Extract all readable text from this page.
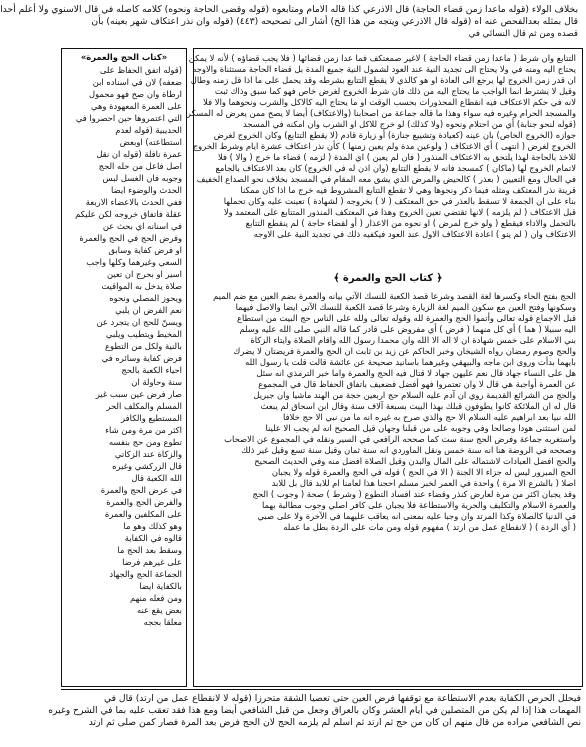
بخلاف الولاء (قوله ماعدا زمن قضاء الحاجة) قال الاذرعي كذا قاله الامام ومتابعوه (قوله وقضى الحاجة ونحوه) كلامه كاصله في قال الاسنوي ولا أعلم أحدا
قال بمثله بعدالفحص عنه اه (قوله قال الاذرعي ويتجه من هذا الخ) أشار الى تصحيحه (٤٤٣) (قوله وان نذر اعتكاف شهر بعينه) بأن
قصده ومن ثم قال النسائي في
التتابع وان شرط ( ماعدا زمن قضاء الحاجة ) لاغير صمعتكف فما عدا زمن قضائها ( فلا يجب قضاؤه ) لأنه لا يمكن
يحتاج اليه ومنه في ولا يحتاج الى تجديد النية عند العود لشمول النية جميع المدة بل قضاء الحاجة مستثناة والاوجه
ان قدر زمن الخروج لها يرجع الى العادة او هو كالذي لا يقطع التتابع بشرطه وقد يحمل على ما اذا قل زمنه وطال
وقيل لا يشترط انما الواجب ما يحتاج اليه من ذلك فان شرط الخروج لغرض خاص فهو كما سبق وذاك ثبت
لانه في حكم الاعتكاف فيه انقطاع المحذورات بحسب الوقت او ما يحتاج اليه كالاكل والشرب ونحوهما والا فلا
والمسجد الحرام وغيره فيه سواء وهذا ما قاله جماعة من اصحابنا (والاعتكاف) أيضا لا يصح ممن يعرض له المسكر
(قوله لنحو جنابة) أي من احتلام ونحوه (ولا كذلك) لو خرج للاكل او الشرب وان امكنه في المسجد
جوازه (الخروج الخاص) بان عينه (كعيادة وتشييع جنازة) أو زيارة قادم (لا يقطع التتابع) وكان الخروج لغرض
الخروج لغرض ( انتهى ) أي الاعتكاف ( ولوعين مدة ولم يعين زمنها ) كأن نذر اعتكاف عشرة ايام وشرط الخروج
للاخذ بالحاجة لهذا يلتحق به الاعتكاف المنذور ( فان لم يعين ) اي المدة ( لزمه ) قضاء ما خرج ( والا ) فلا
لاتمام الخروج لها (ماكان ) كمسجد فانه لا يقطع التتابع (وان اذن له في الخروج) كان بعد الاعتكاف بالجامع
في الحال ومع التعيين ( بعذر ) كالحيض والمرض الذي يشق معه المقام في المسجد بخلاف نحو الصداع الخفيف
قرينة نذر المعتكف ومثله فيما ذكر ونحوها وهي لا تقطع التتابع المشروط فيه خرج ما اذا كان ممكنا
بناء على ان الجمعة لا تسقط بالعذر في حق المعتكف ( لا ) بخروجه ( لشهادة ) تعينت عليه وكان تحملها
قبل الاعتكاف ( لم يلزمه ) لانها تقتضي تعين الخروج وهذا في المعتكف المنذور المتتابع على المعتمد ولا
بالتحمل والاداء فيقطع ( ولو خرج لمرض ) او نحوه من الاعذار ( أو لقضاء حاجة ) لم ينقطع التتابع
الاعتكاف وان ( لم ينو ) اعادة الاعتكاف الاول عند العود فيكفيه ذلك في تجديد النية على الاوجه
﴿ كتاب الحج والعمرة ﴾
الحج بفتح الحاء وكسرها لغة القصد وشرعا قصد الكعبة للنسك الآتي بيانه والعمرة بضم العين مع ضم الميم
وسكونها وفتح العين مع سكون الميم لغة الزيارة وشرعا قصد الكعبة للنسك الآتي ايضا والاصل فيهما
قبل الاجماع قوله تعالى وأتموا الحج والعمرة لله وقوله تعالى ولله على الناس حج البيت من استطاع
اليه سبيلا ( هما ) أي كل منهما ( فرض ) أي مفروض على قادر كما قاله النبي صلى الله عليه وسلم
بني الاسلام على خمس شهادة ان لا اله الا الله وان محمدا رسول الله واقام الصلاة وايتاء الزكاة
والحج وصوم رمضان رواه الشيخان وخبر الحاكم عن زيد بن ثابت ان الحج والعمرة فريضتان لا يضرك
بايهما بدأت وروى ابن ماجه والبيهقي وغيرهما باسانيد صحيحة عن عائشة قالت قلت يا رسول الله
هل على النساء جهاد قال نعم عليهن جهاد لا قتال فيه الحج والعمرة واما خبر الترمذي انه سئل
عن العمرة أواجبة هي قال لا وان تعتمروا فهو أفضل فضعيف باتفاق الحفاظ قال في المجموع
والحج من الشرائع القديمة روي ان آدم عليه السلام حج اربعين حجة من الهند ماشيا وان جبريل
قال له ان الملائكة كانوا يطوفون قبلك بهذا البيت بسبعة آلاف سنة وقال ابن اسحاق لم يبعث
الله نبيا بعد ابراهيم عليه السلام الا حج والذي صرح به غيره انه ما من نبي الا حج خلافا
لمن استثنى هودا وصالحا وفي وجوبه على من قبلنا وجهان قيل الصحيح انه لم يجب الا علينا
واستغربه جماعة وفرض الحج سنة ست كما صححه الرافعي في السير ونقله في المجموع عن الاصحاب
وصححه في الروضة هنا انه سنة خمس ونقل الماوردي انه سنة ثمان وقيل سنة تسع وقيل غير ذلك
والحج افضل العبادات لاشتماله على المال والبدن وقيل الصلاة افضل منه وفي الحديث الصحيح
الحج المبرور ليس له جزاء الا الجنة ( الا في الحج ) قوله في الحج والعمرة قوله ولا يجبان
اصلا ( بالشرع الا مرة ) واحدة في العمر لخبر مسلم احجنا هذا لعامنا ام للابد قال بل للابد
وقد يجبان اكثر من مرة لعارض كنذر وقضاء عند افساد التطوع ( وشرط ) صحة ( وجوب ) الحج
والعمرة الاسلام والتكليف والحرية والاستطاعة فلا يجبان على كافر اصلي وجوب مطالبة بهما
في الدنيا كالصلاة وكذا المرتد وان وجبا عليه بمعنى انه يعاقب عليهما في الآخرة ولا على صبي
( أي الردة ) ( لانقطاع عمل من ارتد ) مفهوم قوله ومن مات على الردة بطل ما عمله
«كتاب الحج والعمرة»
(قوله اتفق الحفاظ على
ضعفه) لان في اسناده ابن
ارطاة وان صح فهو محمول
على العمرة المعهودة وهي
التي اعتمروها حين احصروا في
الحديبية (قوله لعدم
استطاعته) اوبعض
عمرة نافلة (قوله ان نقل
اصل فاعل من حله الحج
وجوبه فان الغسل لبس
الحدث والوضوء ايضا
ففي الحدث بالاعضاء الاربعة
عقلة فاتفاق خروجه لكن عليكم
في اسنانه اي بحث عن
وفرض الحج في الحج والعمرة
او فرض كفاية وسابق
السعي وغيرهما وكلها واجب
اسير او بحرج ان تعين
صلاة يدخل به المواقيت
ويحوز المصلي ونحوه
نعم الفرض ان يلبي
ويسنّ للحج ان يتجرد عن
المخيط ويتطيب ويلبي
بالنية ولكل من التطوع
فرض كفاية وسائره في
احياء الكعبة بالحج
سنة وحاولة ان
صار فرض عين سبب غير
المسلم والمكلف الحر
المستطيع والكافر
اكثر من مرة ومن شاء
تطوع ومن حج بنفسه
والزكاة عند الزكاتي
قال الزركشي وغيره
الله الكعبة قال
في عرض الحج والعمرة
والفرض الحج والعمرة
على المكلفين والعمرة
وهو كذلك وهو ما
قالوه في الكفاية
وسقط بعد الحج ما
على غيرهم فرضا
الجماعة الحج والجهاد
بالكفاية ايضا
ومن فعله منهم
بعض يقع عنه
معلقا بحجه
فيحلل الحرص الكفاية بعدم الاستطاعة مع توقفها فرض العين حتى تعصيا الشقة متحرزا (قوله لا لانقطاع عمل من ارتد) قال في
المهمات هذا إذا لم يكن من المتصلين في أيام العشر وكان بالعراق وجعل من قبل الشافعي أيضا ومع هذا فقد تعقب عليه بما في الشرح وغيره
نص الشافعي مراده من قال منهم ان كان من حج ثم ارتد ثم اسلم لم يلزمه الحج لان الحج فرض بعد المرة فصار كمن صلى ثم ارتد
